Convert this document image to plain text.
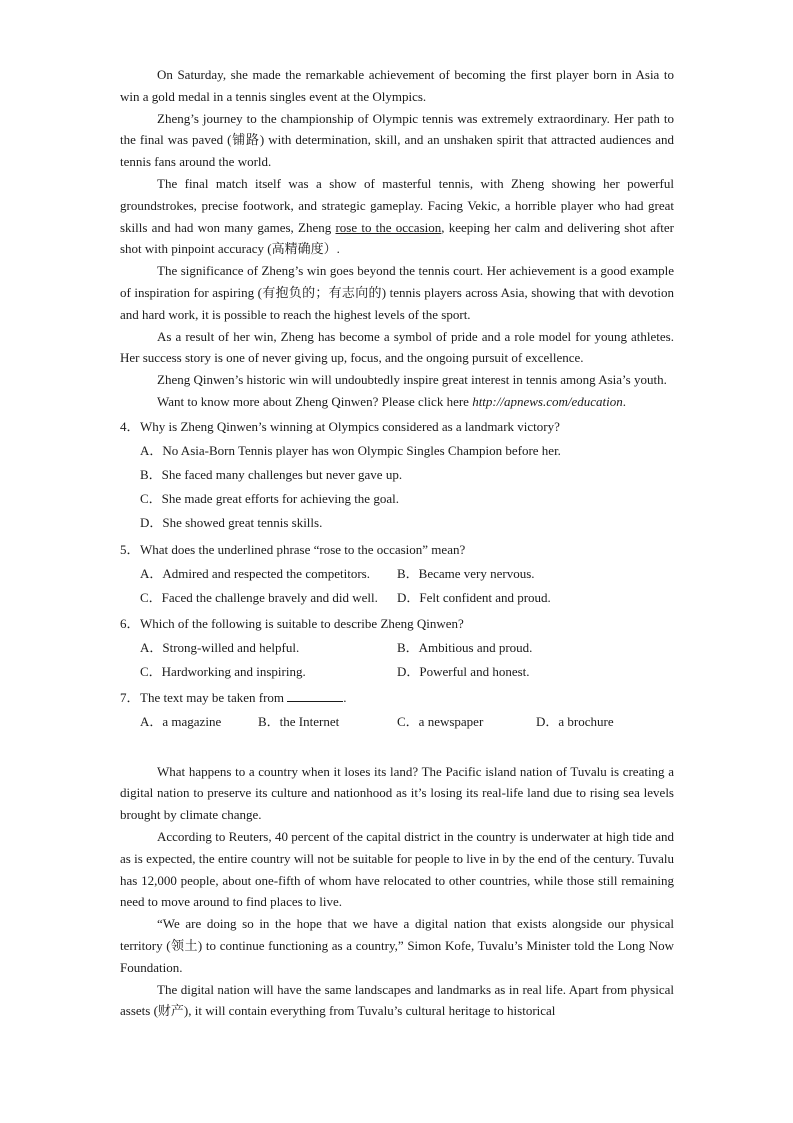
On Saturday, she made the remarkable achievement of becoming the first player born in Asia to win a gold medal in a tennis singles event at the Olympics.

Zheng’s journey to the championship of Olympic tennis was extremely extraordinary. Her path to the final was paved (铺路) with determination, skill, and an unshaken spirit that attracted audiences and tennis fans around the world.

The final match itself was a show of masterful tennis, with Zheng showing her powerful groundstrokes, precise footwork, and strategic gameplay. Facing Vekic, a horrible player who had great skills and had won many games, Zheng rose to the occasion, keeping her calm and delivering shot after shot with pinpoint accuracy (高精确度）.

The significance of Zheng’s win goes beyond the tennis court. Her achievement is a good example of inspiration for aspiring (有抱负的；有志向的) tennis players across Asia, showing that with devotion and hard work, it is possible to reach the highest levels of the sport.

As a result of her win, Zheng has become a symbol of pride and a role model for young athletes. Her success story is one of never giving up, focus, and the ongoing pursuit of excellence.

Zheng Qinwen’s historic win will undoubtedly inspire great interest in tennis among Asia’s youth.

Want to know more about Zheng Qinwen? Please click here http://apnews.com/education.

4． Why is Zheng Qinwen’s winning at Olympics considered as a landmark victory?
A．No Asia-Born Tennis player has won Olympic Singles Champion before her.
B．She faced many challenges but never gave up.
C．She made great efforts for achieving the goal.
D．She showed great tennis skills.
5． What does the underlined phrase “rose to the occasion” mean?
A．Admired and respected the competitors.	B．Became very nervous.
C．Faced the challenge bravely and did well.	D．Felt confident and proud.
6． Which of the following is suitable to describe Zheng Qinwen?
A．Strong-willed and helpful.	B．Ambitious and proud.
C．Hardworking and inspiring.	D．Powerful and honest.
7． The text may be taken from	.
A．a magazine	B．the Internet	C．a newspaper	D．a brochure

What happens to a country when it loses its land? The Pacific island nation of Tuvalu is creating a digital nation to preserve its culture and nationhood as it’s losing its real-life land due to rising sea levels brought by climate change.

According to Reuters, 40 percent of the capital district in the country is underwater at high tide and as is expected, the entire country will not be suitable for people to live in by the end of the century. Tuvalu has 12,000 people, about one-fifth of whom have relocated to other countries, while those still remaining need to move around to find places to live.

“We are doing so in the hope that we have a digital nation that exists alongside our physical territory (领土) to continue functioning as a country,” Simon Kofe, Tuvalu’s Minister told the Long Now Foundation.

The digital nation will have the same landscapes and landmarks as in real life. Apart from physical assets (财产), it will contain everything from Tuvalu’s cultural heritage to historical
